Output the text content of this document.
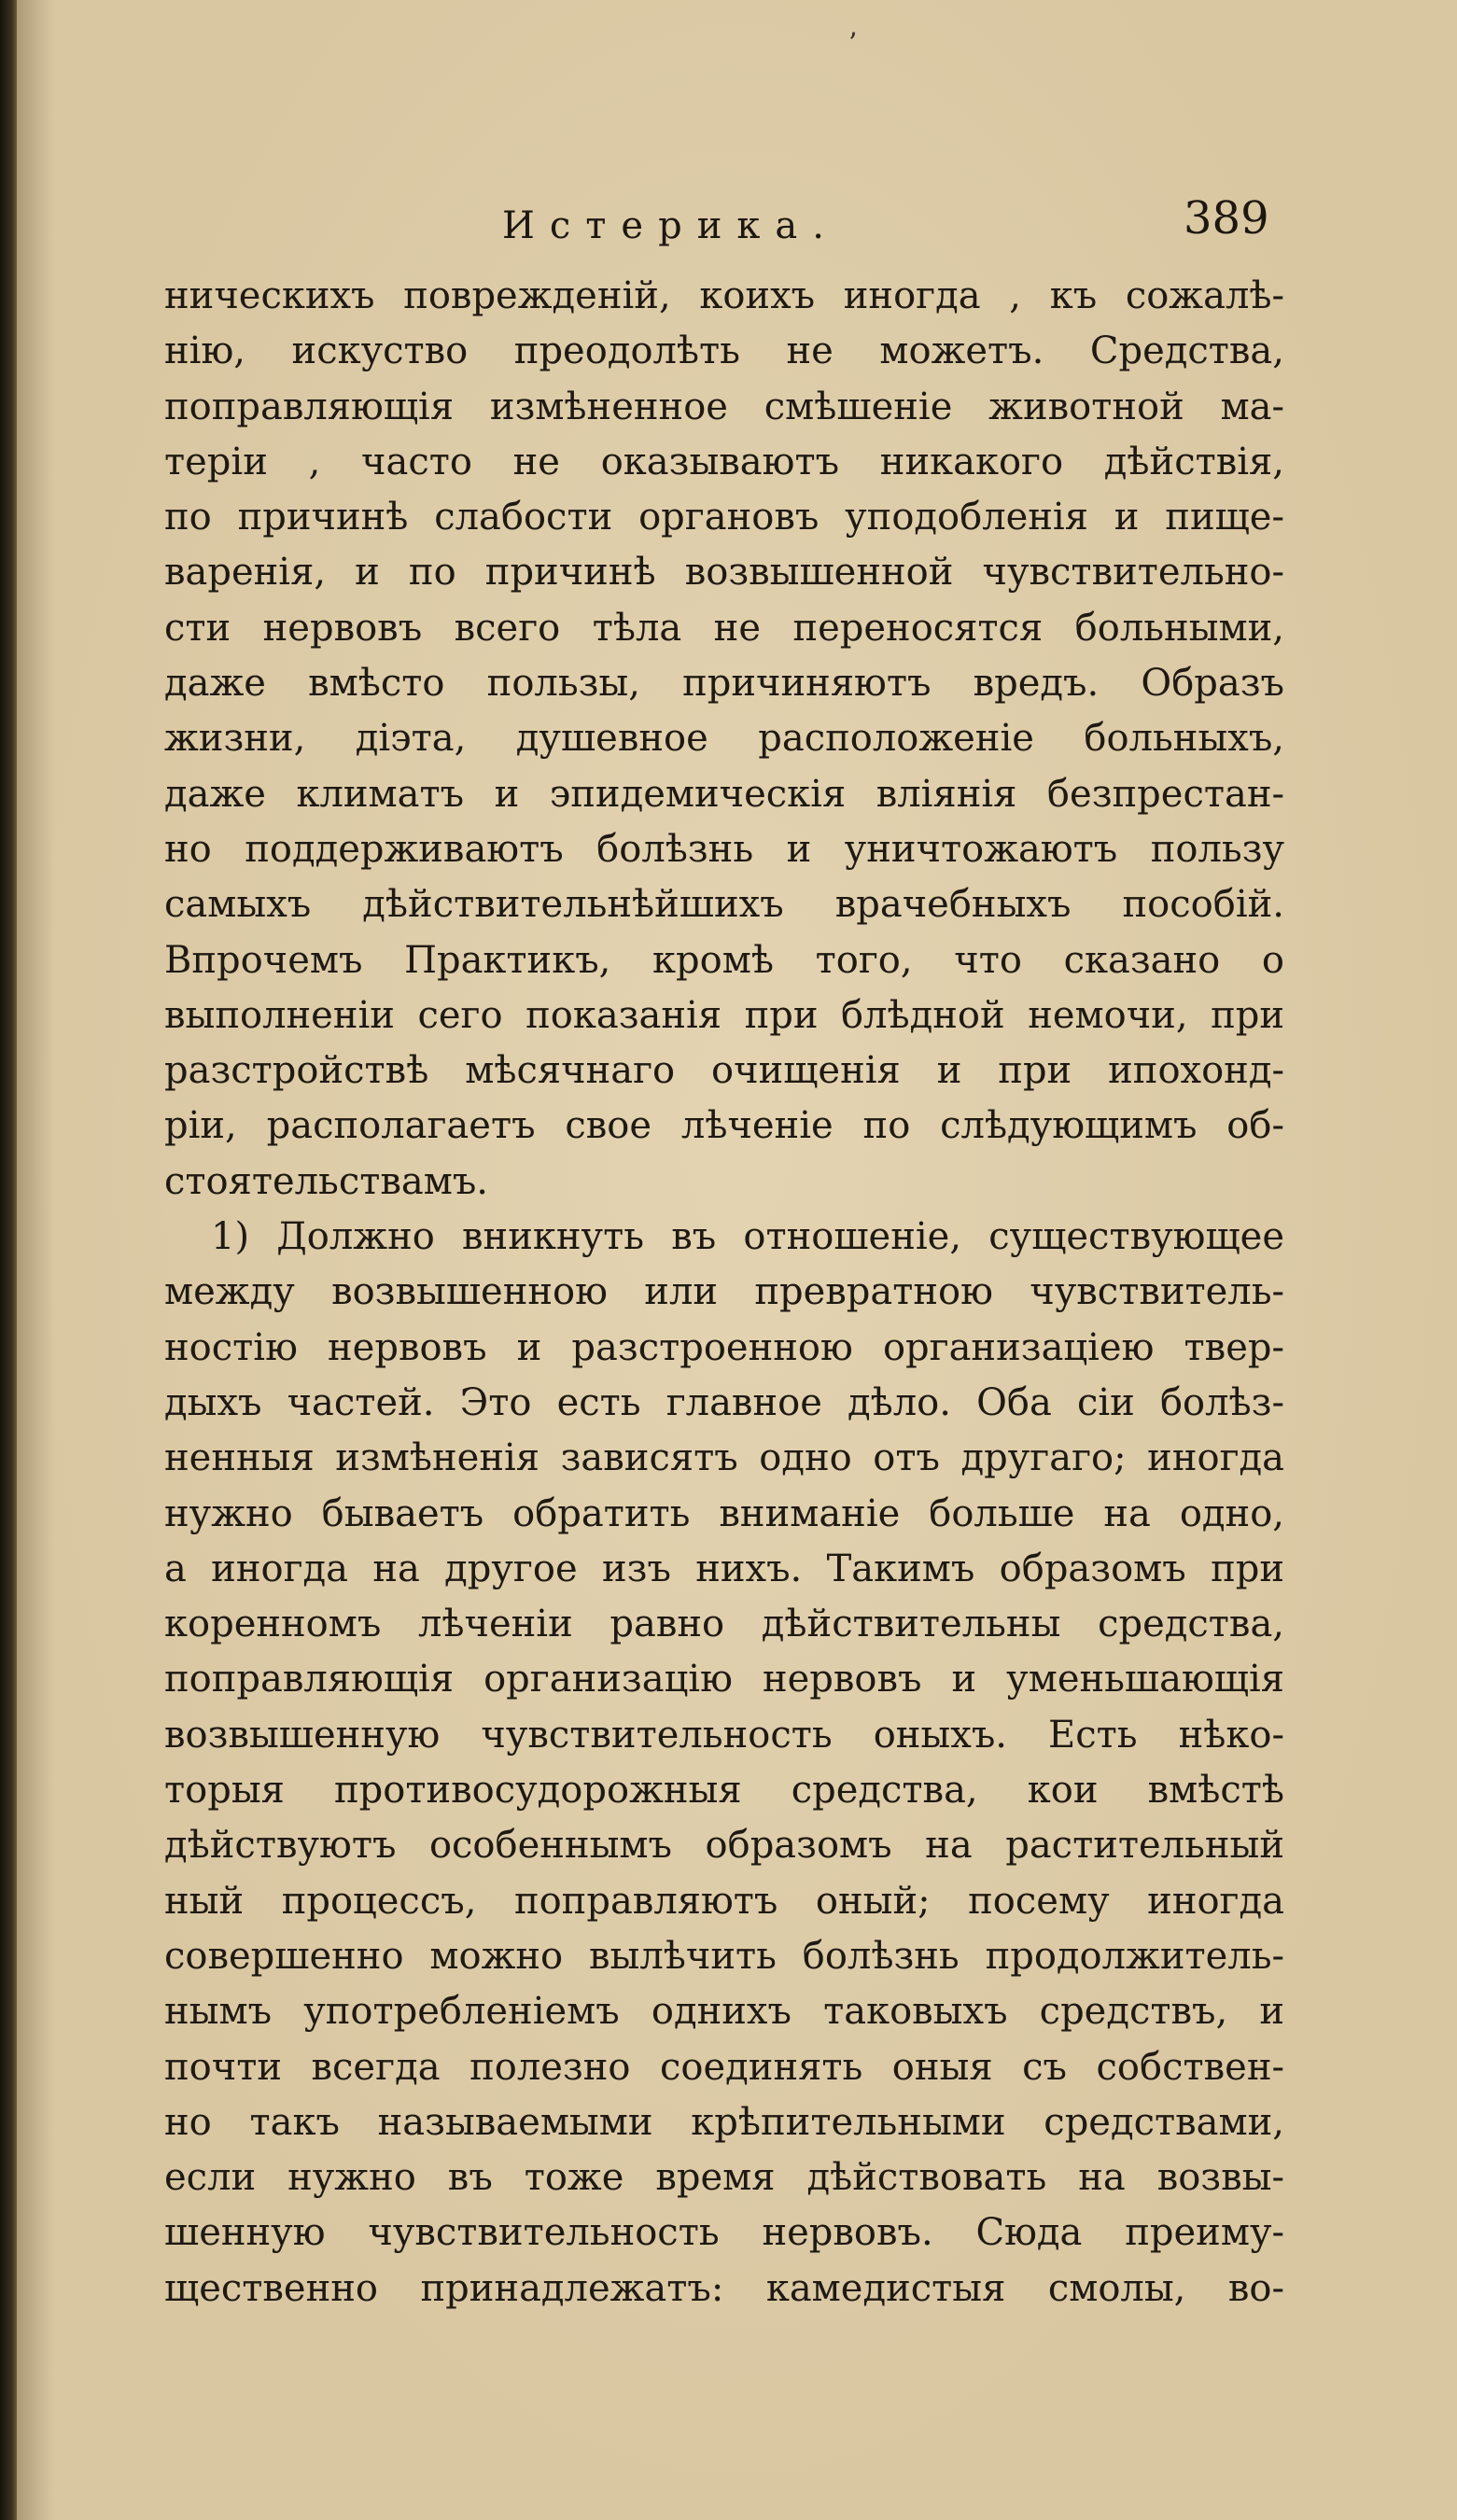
Истерика.	389
ʼ
ническихъ поврежденій, коихъ иногда , къ сожалѣ-
нію, искуство преодолѣть не можетъ. Средства,
поправляющія измѣненное смѣшеніе животной ма-
теріи , часто не оказываютъ никакого дѣйствія,
по причинѣ слабости органовъ уподобленія и пище-
варенія, и по причинѣ возвышенной чувствительно-
сти нервовъ всего тѣла не переносятся больными,
даже вмѣсто пользы, причиняютъ вредъ. Образъ
жизни, діэта, душевное расположеніе больныхъ,
даже климатъ и эпидемическія вліянія безпрестан-
но поддерживаютъ болѣзнь и уничтожаютъ пользу
самыхъ дѣйствительнѣйшихъ врачебныхъ пособій.
Впрочемъ Практикъ, кромѣ того, что сказано о
выполненіи сего показанія при блѣдной немочи, при
разстройствѣ мѣсячнаго очищенія и при ипохонд-
ріи, располагаетъ свое лѣченіе по слѣдующимъ об-
стоятельствамъ.
1) Должно вникнуть въ отношеніе, существующее
между возвышенною или превратною чувствитель-
ностію нервовъ и разстроенною организаціею твер-
дыхъ частей. Это есть главное дѣло. Оба сіи болѣз-
ненныя измѣненія зависятъ одно отъ другаго; иногда
нужно бываетъ обратить вниманіе больше на одно,
а иногда на другое изъ нихъ. Такимъ образомъ при
коренномъ лѣченіи равно дѣйствительны средства,
поправляющія организацію нервовъ и уменьшающія
возвышенную чувствительность оныхъ. Есть нѣко-
торыя противосудорожныя средства, кои вмѣстѣ
дѣйствуютъ особеннымъ образомъ на растительный
ный процессъ, поправляютъ оный; посему иногда
совершенно можно вылѣчить болѣзнь продолжитель-
нымъ употребленіемъ однихъ таковыхъ средствъ, и
почти всегда полезно соединять оныя съ собствен-
но такъ называемыми крѣпительными средствами,
если нужно въ тоже время дѣйствовать на возвы-
шенную чувствительность нервовъ. Сюда преиму-
щественно принадлежатъ: камедистыя смолы, во-
